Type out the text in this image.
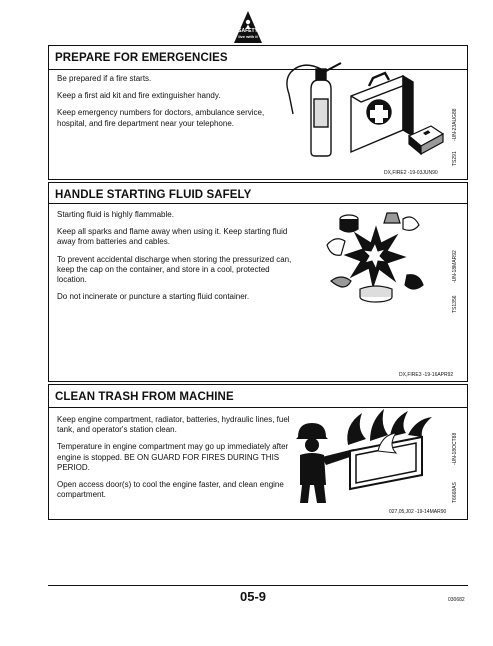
SAFETY
live with it
PREPARE FOR EMERGENCIES

Be prepared if a fire starts.

Keep a first aid kit and fire extinguisher handy.

Keep emergency numbers for doctors, ambulance service, hospital, and fire department near your telephone.

DX,FIRE2 -19-03JUN90
-UN-23AUG88
TS291
HANDLE STARTING FLUID SAFELY

Starting fluid is highly flammable.

Keep all sparks and flame away when using it. Keep starting fluid away from batteries and cables.

To prevent accidental discharge when storing the pressurized can, keep the cap on the container, and store in a cool, protected location.

Do not incinerate or puncture a starting fluid container.

DX,FIRE3 -19-16APR92
-UN-18MAR92
TS1356
CLEAN TRASH FROM MACHINE

Keep engine compartment, radiator, batteries, hydraulic lines, fuel tank, and operator's station clean.

Temperature in engine compartment may go up immediately after engine is stopped. BE ON GUARD FOR FIRES DURING THIS PERIOD.

Open access door(s) to cool the engine faster, and clean engine compartment.

027,05,J02 -19-14MAR90
-UN-18OCT88
T6668AS
05-9	030682
